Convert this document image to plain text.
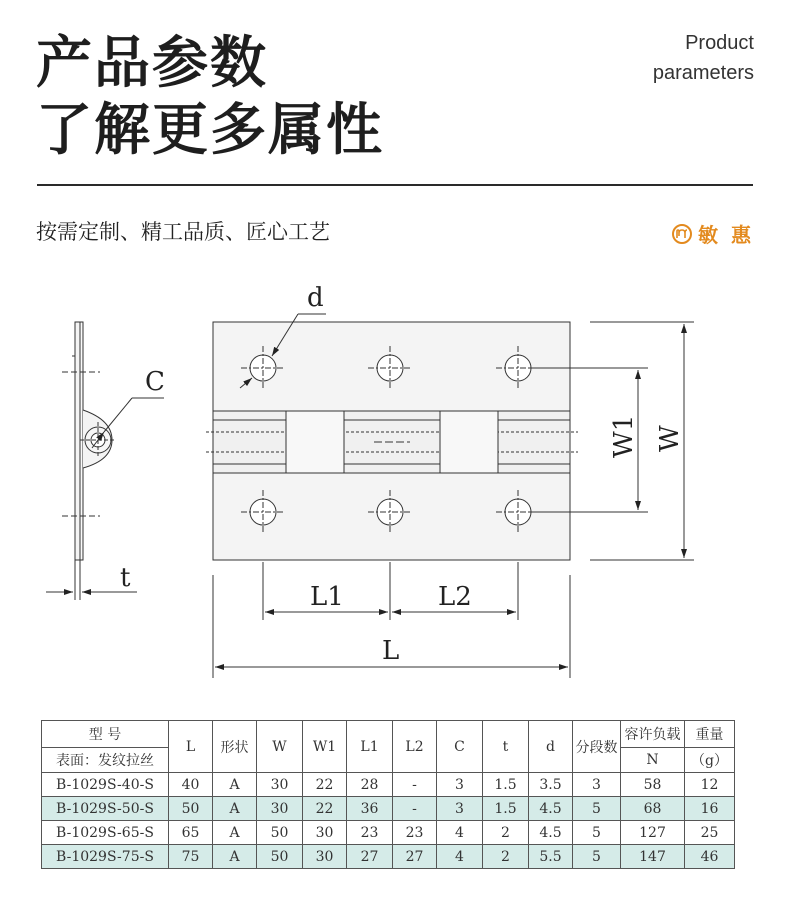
产品参数
了解更多属性
Product
parameters
按需定制、精工品质、匠心工艺	敏 惠
d
C
t
W1 W
L1	L2
L
型 号	L	形状	W	W1	L1	L2	C	t	d	分段数	容许负载	重量
表面：发纹拉丝											N	（g）
B-1029S-40-S	40	A	30	22	28	-	3	1.5	3.5	3	58	12
B-1029S-50-S	50	A	30	22	36	-	3	1.5	4.5	5	68	16
B-1029S-65-S	65	A	50	30	23	23	4	2	4.5	5	127	25
B-1029S-75-S	75	A	50	30	27	27	4	2	5.5	5	147	46
